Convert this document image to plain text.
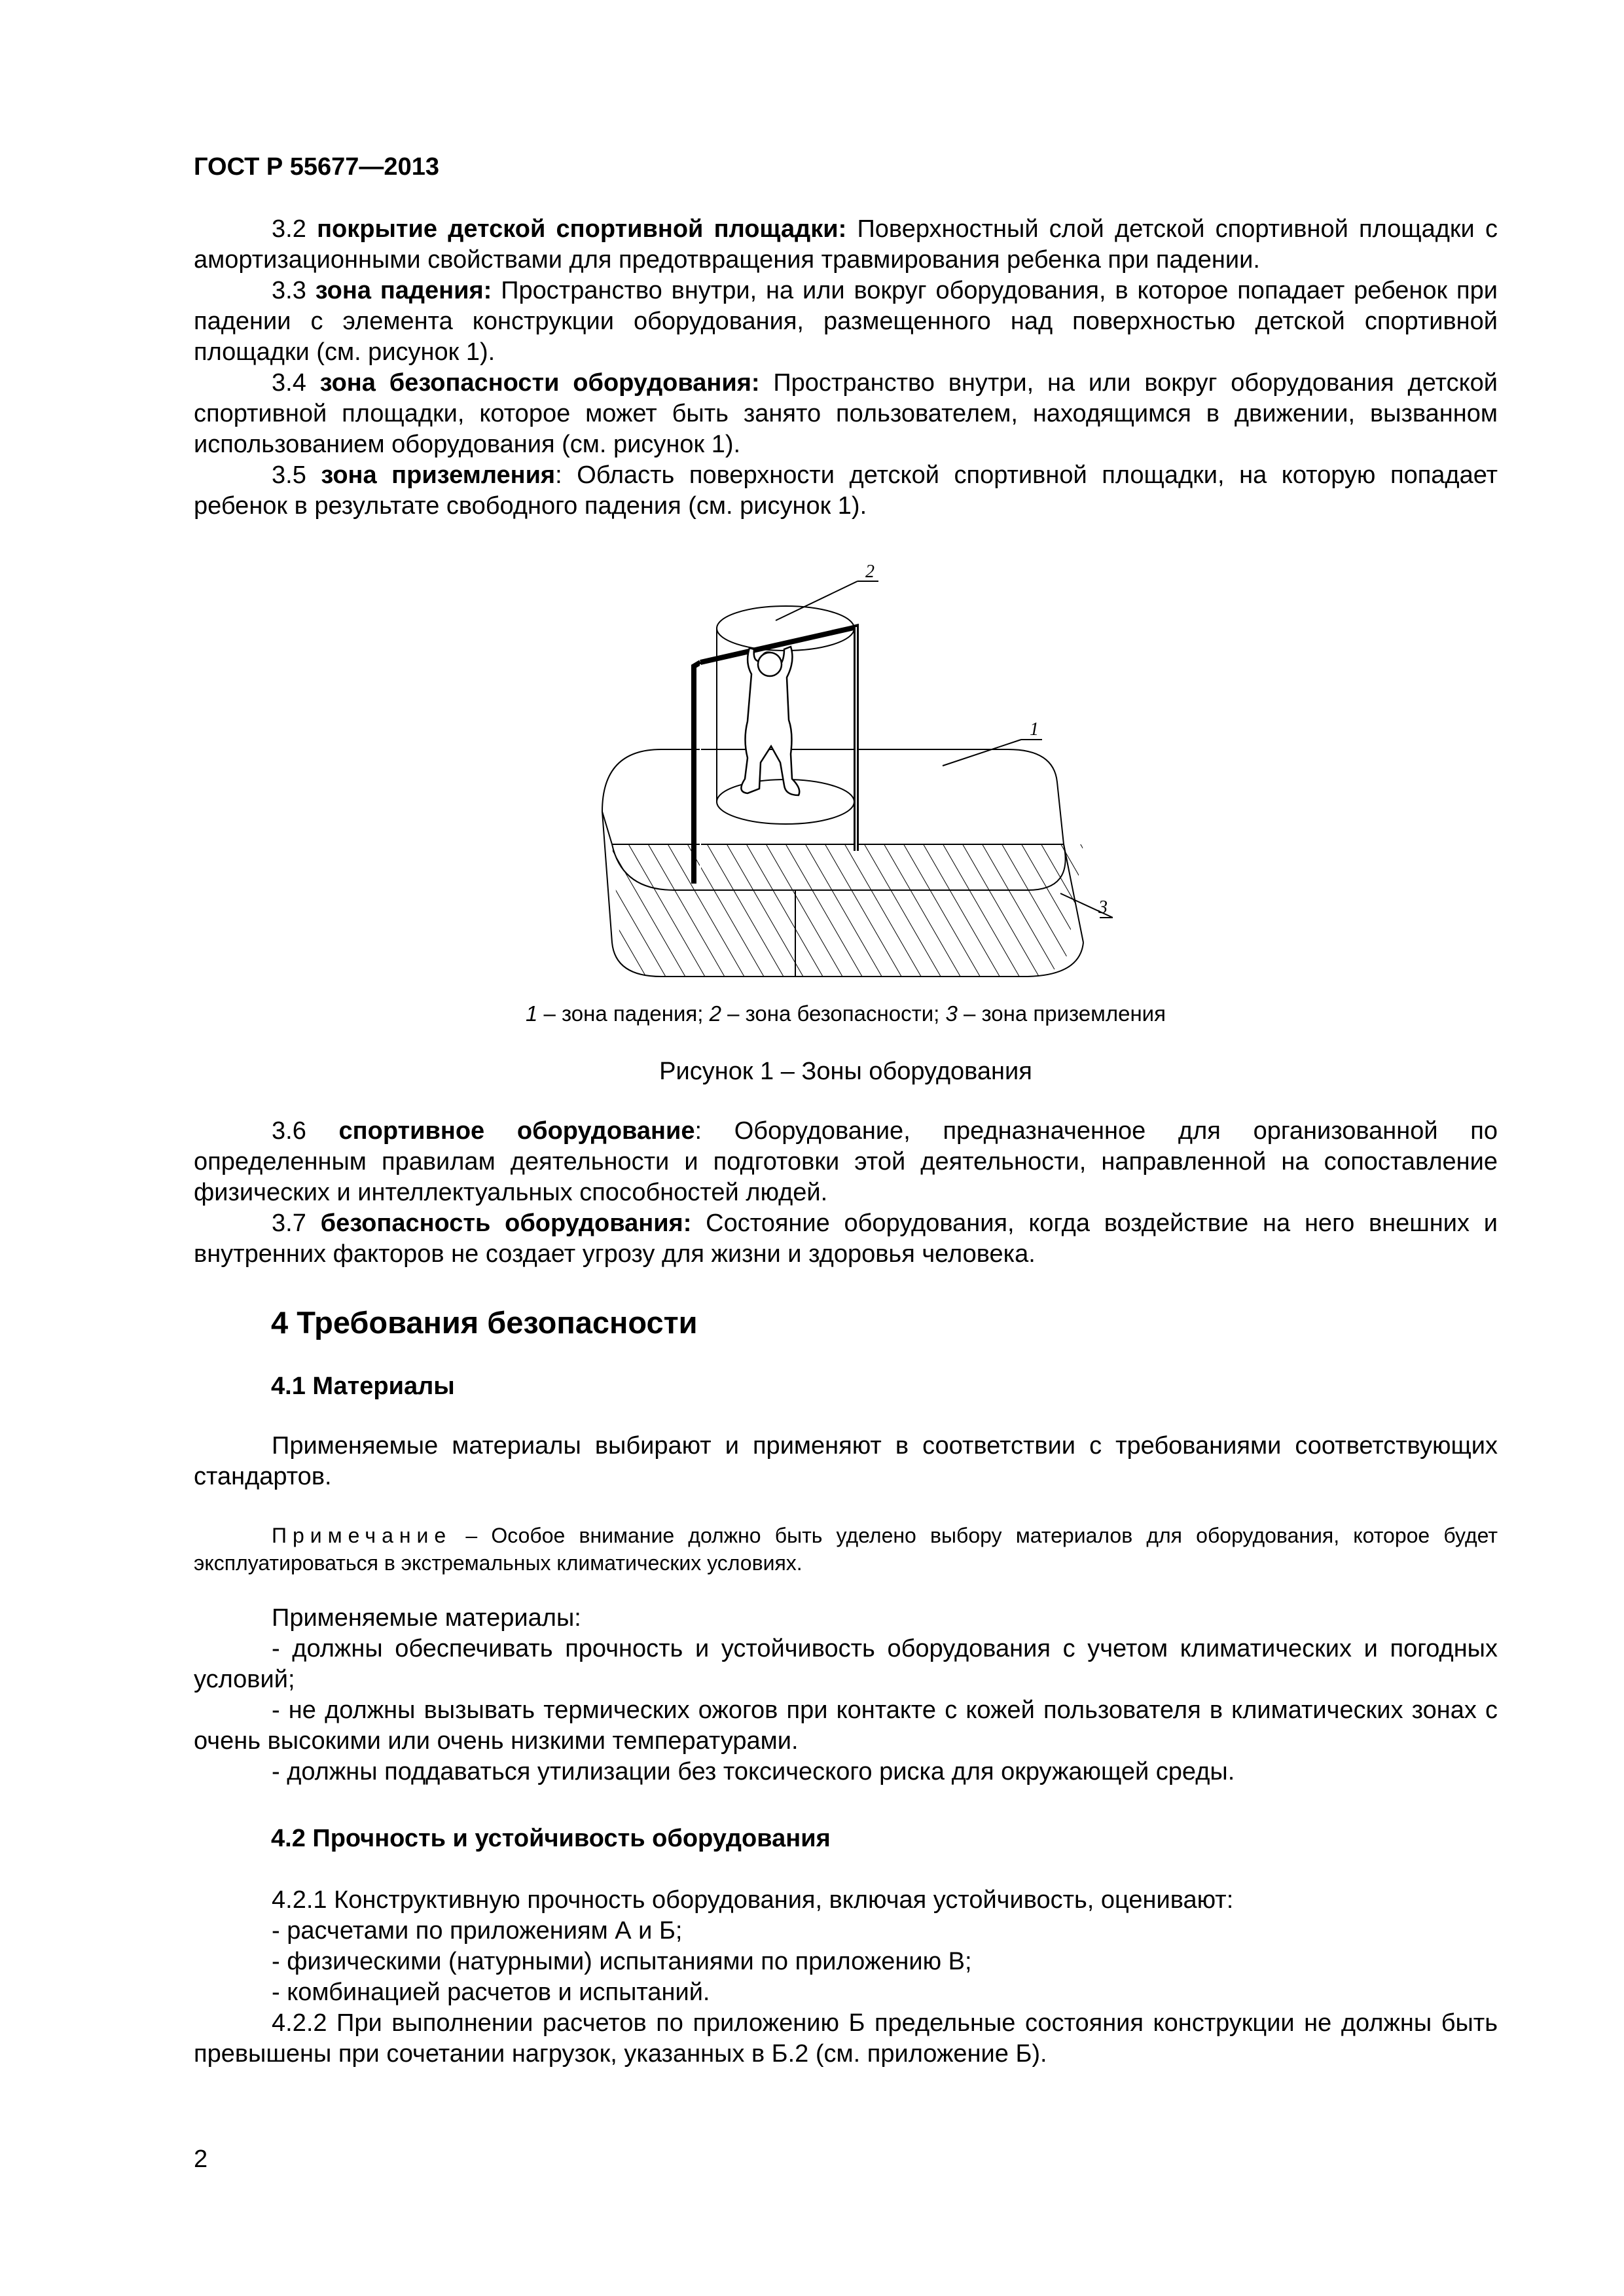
ГОСТ Р 55677—2013

3.2 покрытие детской спортивной площадки: Поверхностный слой детской спортивной площадки с амортизационными свойствами для предотвращения травмирования ребенка при падении.

3.3 зона падения: Пространство внутри, на или вокруг оборудования, в которое попадает ребенок при падении с элемента конструкции оборудования, размещенного над поверхностью детской спортивной площадки (см. рисунок 1).

3.4 зона безопасности оборудования: Пространство внутри, на или вокруг оборудования детской спортивной площадки, которое может быть занято пользователем, находящимся в движении, вызванном использованием оборудования (см. рисунок 1).

3.5 зона приземления: Область поверхности детской спортивной площадки, на которую попадает ребенок в результате свободного падения (см. рисунок 1).

2
1
3
1 – зона падения; 2 – зона безопасности; 3 – зона приземления
Рисунок 1 – Зоны оборудования

3.6 спортивное оборудование: Оборудование, предназначенное для организованной по определенным правилам деятельности и подготовки этой деятельности, направленной на сопоставление физических и интеллектуальных способностей людей.

3.7 безопасность оборудования: Состояние оборудования, когда воздействие на него внешних и внутренних факторов не создает угрозу для жизни и здоровья человека.

4 Требования безопасности
4.1 Материалы
Применяемые материалы выбирают и применяют в соответствии с требованиями соответствующих стандартов.
Примечание – Особое внимание должно быть уделено выбору материалов для оборудования, которое будет эксплуатироваться в экстремальных климатических условиях.

Применяемые материалы:

- должны обеспечивать прочность и устойчивость оборудования с учетом климатических и погодных условий;

- не должны вызывать термических ожогов при контакте с кожей пользователя в климатических зонах с очень высокими или очень низкими температурами.

- должны поддаваться утилизации без токсического риска для окружающей среды.

4.2 Прочность и устойчивость оборудования

4.2.1 Конструктивную прочность оборудования, включая устойчивость, оценивают:

- расчетами по приложениям А и Б;

- физическими (натурными) испытаниями по приложению В;

- комбинацией расчетов и испытаний.

4.2.2 При выполнении расчетов по приложению Б предельные состояния конструкции не должны быть превышены при сочетании нагрузок, указанных в Б.2 (см. приложение Б).

2
